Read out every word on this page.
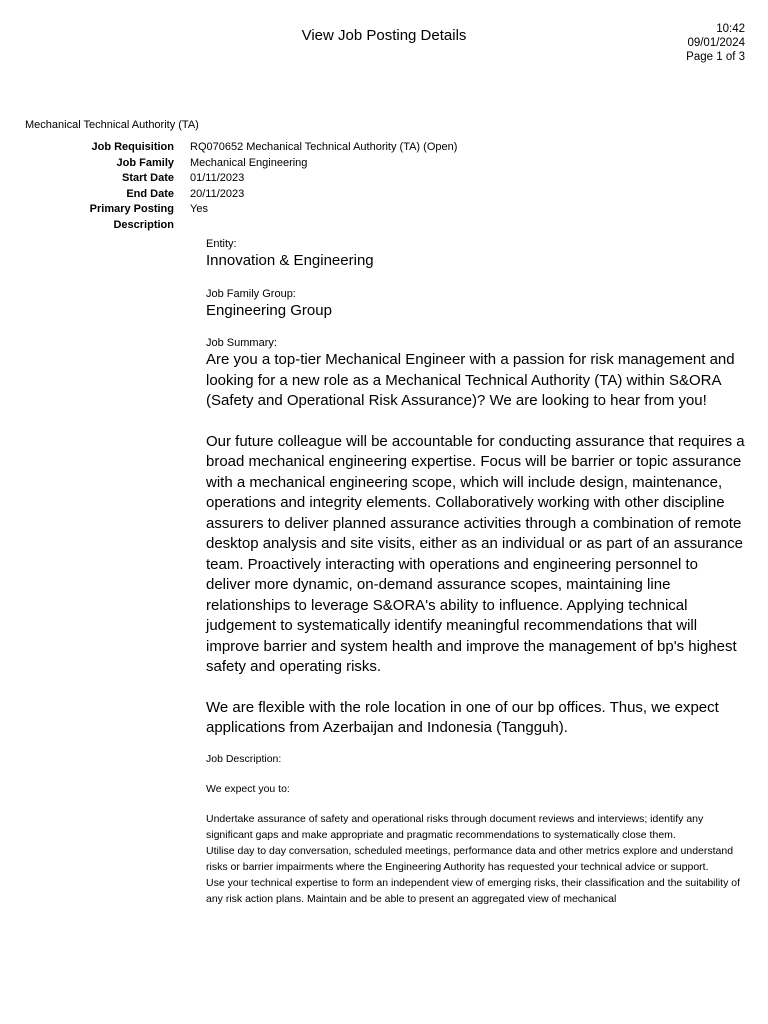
View Job Posting Details	10:42
09/01/2024
Page 1 of 3
Mechanical Technical Authority (TA)
Job Requisition	RQ070652 Mechanical Technical Authority (TA) (Open)
Job Family	Mechanical Engineering
Start Date	01/11/2023
End Date	20/11/2023
Primary Posting	Yes
Description

Entity:

Innovation & Engineering

Job Family Group:

Engineering Group

Job Summary:

Are you a top-tier Mechanical Engineer with a passion for risk management and looking for a new role as a Mechanical Technical Authority (TA) within S&ORA (Safety and Operational Risk Assurance)? We are looking to hear from you!

Our future colleague will be accountable for conducting assurance that requires a broad mechanical engineering expertise. Focus will be barrier or topic assurance with a mechanical engineering scope, which will include design, maintenance, operations and integrity elements. Collaboratively working with other discipline assurers to deliver planned assurance activities through a combination of remote desktop analysis and site visits, either as an individual or as part of an assurance team. Proactively interacting with operations and engineering personnel to deliver more dynamic, on-demand assurance scopes, maintaining line relationships to leverage S&ORA's ability to influence. Applying technical judgement to systematically identify meaningful recommendations that will improve barrier and system health and improve the management of bp's highest safety and operating risks.

We are flexible with the role location in one of our bp offices. Thus, we expect applications from Azerbaijan and Indonesia (Tangguh).

Job Description:

We expect you to:

Undertake assurance of safety and operational risks through document reviews and interviews; identify any significant gaps and make appropriate and pragmatic recommendations to systematically close them.

Utilise day to day conversation, scheduled meetings, performance data and other metrics explore and understand risks or barrier impairments where the Engineering Authority has requested your technical advice or support.

Use your technical expertise to form an independent view of emerging risks, their classification and the suitability of any risk action plans. Maintain and be able to present an aggregated view of mechanical
